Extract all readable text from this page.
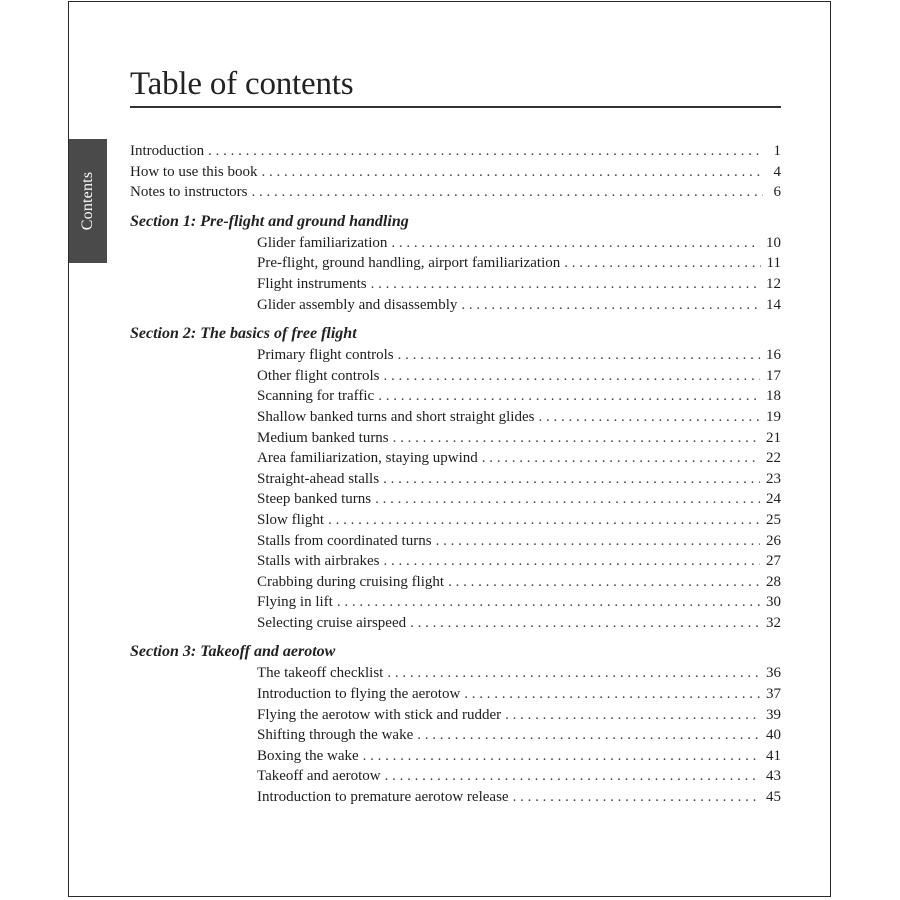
Contents
Table of contents
Introduction . . .	1
How to use this book . . .	4
Notes to instructors . . .	6
Section 1: Pre-flight and ground handling
Glider familiarization . . .	10
Pre-flight, ground handling, airport familiarization . . .	11
Flight instruments . . .	12
Glider assembly and disassembly . . .	14
Section 2: The basics of free flight
Primary flight controls . . .	16
Other flight controls . . .	17
Scanning for traffic . . .	18
Shallow banked turns and short straight glides . . .	19
Medium banked turns . . .	21
Area familiarization, staying upwind . . .	22
Straight-ahead stalls . . .	23
Steep banked turns . . .	24
Slow flight . . .	25
Stalls from coordinated turns . . .	26
Stalls with airbrakes . . .	27
Crabbing during cruising flight . . .	28
Flying in lift . . .	30
Selecting cruise airspeed . . .	32
Section 3: Takeoff and aerotow
The takeoff checklist . . .	36
Introduction to flying the aerotow . . .	37
Flying the aerotow with stick and rudder . . .	39
Shifting through the wake . . .	40
Boxing the wake . . .	41
Takeoff and aerotow . . .	43
Introduction to premature aerotow release . . .	45
